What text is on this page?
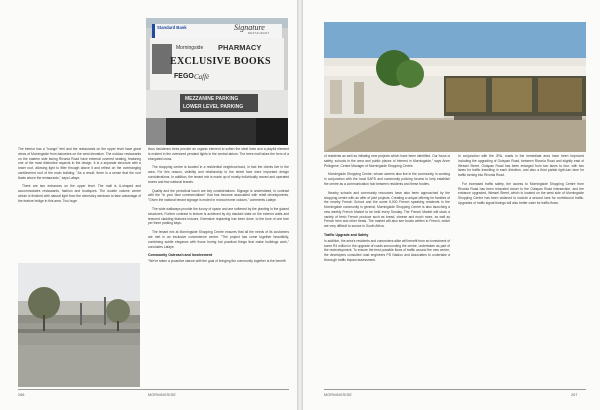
Standard Bank	Signature
RESTAURANT
Morningside PHARMACY
EXCLUSIVE BOOKS
FEGO Caffè
MEZZANINE PARKING
LOWER LEVEL PARKING

The interior has a "lounge" feel and the restaurants on the upper level have great views of Morningside from balconies on the west elevation. The outdoor restaurants on the eastern side facing Rivonia Road have external covered seating, featuring one of the most distinctive aspects in the design. It is a separate structure with a lower roof, allowing light to filter through above it and reflect on the overhanging cantilevered roof of the main building. "As a result, there is a sense that the roof floats above the restaurants," says Lafaye.

There are two entrances on the upper level. The mall is U-shaped and accommodates restaurants, fashion and boutiques. The double volume centre atrium is finished with natural light from the clerestory windows to take advantage of the feature bridge in this area. Two huge

ficus decidenns trees provide an organic element to soften the steel lines and a playful element is evident in the oversized pendant lights in the central atrium. The trees mall takes the form of a elongated cross.

The shopping centre is located in a residential neighbourhood, in fact the clients live in the area. For this reason, visibility and relationship to the street face were important design considerations. In addition, the tenant mix is made up of mostly individually owned and operated stores and few national brands.

Quality and the periodical touch are key considerations. Signage is understated, in contrast with the "in your face commercialism" that has become associated with retail developments. "Given the national tenant signage is muted in monochrome colours," comments Lafaye.

The wide walkways provide the luxury of space and are softened by the planting in the glazed structures. Further contrast in texture is achieved by dry stacked slate on the exterior walls and textured cladding features indoors. Extensive replanting has been done, to the tune of one tree per three parking bays.

The tenant mix at Morningside Shopping Centre ensures that all the needs of its customers are met in an exclusive convenience centre. "The project has come together beautifully, combining subtle elegance with those boring but practical things that make buildings work," concludes Lafaye.

Community Outreach and Involvement

"We've taken a proactive stance with the goal of bringing the community together is the benefit

266	MORNINGSIDE

of residents as well as initiating new projects which have been identified. Our focus is safety, schools in the area and public places of interest in Morningside," says Anne Philogene, Centre Manager of Morningside Shopping Centre.

Morningside Shopping Centre, whose owners also live in the community, is working in conjunction with the local SAPS and community policing forums to help establish the centre as a communication hub between residents and these bodies.

Nearby schools and community resources have also been approached by the shopping centre with an offer of joint projects. Creating a unique offering for families of the nearby French School and the some 6,000 French speaking residents in the Morningside community in general, Morningside Shopping Centre is also launching a new weekly French Market to be held every Sunday. The French Market will stock a variety of fresh French produce such as bread, cheese and much more, as well as French teen and other treats. The market will also see books written in French, which are very difficult to source in South Africa.

Traffic Upgrade and Safety

In addition, the area's residents and commuters alike will benefit from an investment of some R4 million in the upgrade of roads surrounding the centre, undertaken as part of the redevelopment. To ensure the best possible flows of traffic around the new centre, the developers consulted road engineers PD Naidoo and Associates to undertake a thorough traffic impact assessment.

In conjunction with the JRA, roads in the immediate area have been improved including the upgrading of Outspan Road, between Rivonia Road and slightly east of Wessel Street. Outspan Road has been enlarged from two lanes to four, with two lanes for traffic travelling in each direction, and also a third partial right-turn lane for traffic turning into Rivonia Road.

For increased traffic safety, the access to Morningside Shopping Centre from Rivonia Road has been relocated closer to the Outspan Road intersection, and the entrance upgraded. Wessel Street, which is located on the west side of Morningside Shopping Centre has been widened to include a second lane for northbound traffic. Upgrades of traffic signal timings will also better cater for traffic flows.

MORNINGSIDE	267
